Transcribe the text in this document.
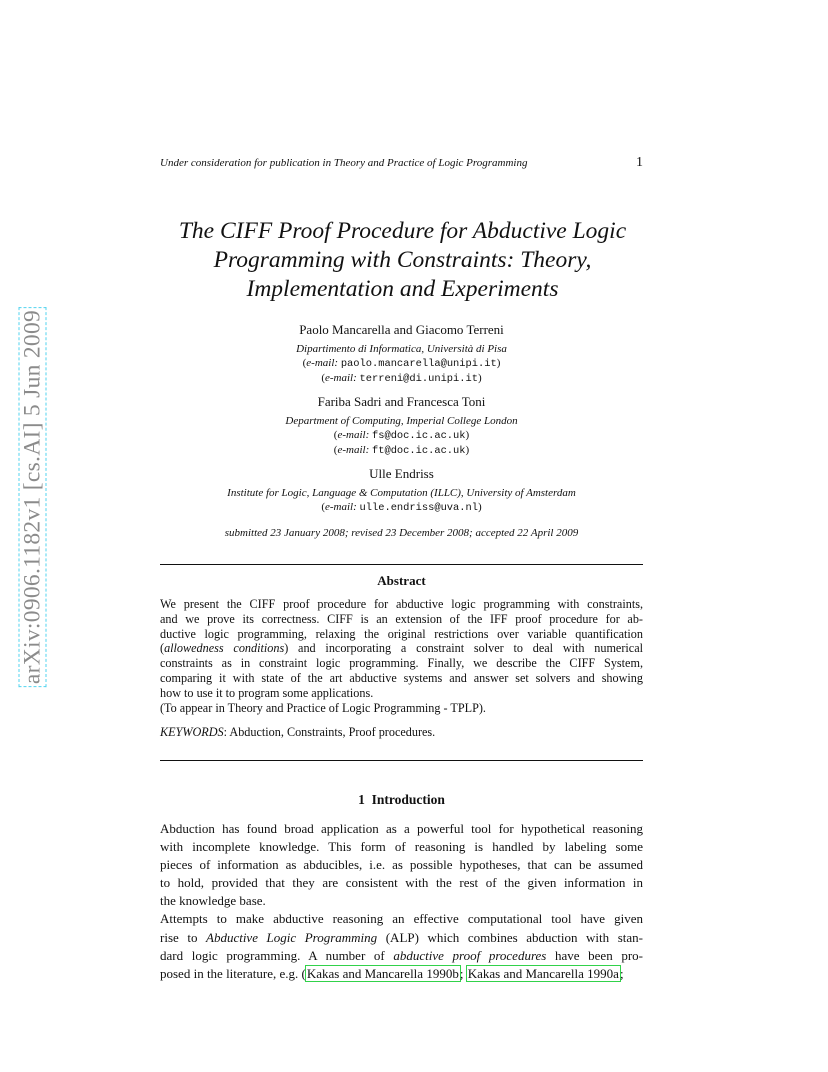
arXiv:0906.1182v1 [cs.AI] 5 Jun 2009
Under consideration for publication in Theory and Practice of Logic Programming	1
The CIFF Proof Procedure for Abductive Logic
Programming with Constraints: Theory,
Implementation and Experiments
Paolo Mancarella and Giacomo Terreni
Dipartimento di Informatica, Università di Pisa
(e-mail: paolo.mancarella@unipi.it)
(e-mail: terreni@di.unipi.it)
Fariba Sadri and Francesca Toni
Department of Computing, Imperial College London
(e-mail: fs@doc.ic.ac.uk)
(e-mail: ft@doc.ic.ac.uk)
Ulle Endriss
Institute for Logic, Language & Computation (ILLC), University of Amsterdam
(e-mail: ulle.endriss@uva.nl)
submitted 23 January 2008; revised 23 December 2008; accepted 22 April 2009
Abstract
We present the CIFF proof procedure for abductive logic programming with constraints,
and we prove its correctness. CIFF is an extension of the IFF proof procedure for ab-
ductive logic programming, relaxing the original restrictions over variable quantification
(allowedness conditions) and incorporating a constraint solver to deal with numerical
constraints as in constraint logic programming. Finally, we describe the CIFF System,
comparing it with state of the art abductive systems and answer set solvers and showing
how to use it to program some applications.
(To appear in Theory and Practice of Logic Programming - TPLP).
KEYWORDS: Abduction, Constraints, Proof procedures.
1 Introduction
Abduction has found broad application as a powerful tool for hypothetical reasoning
with incomplete knowledge. This form of reasoning is handled by labeling some
pieces of information as abducibles, i.e. as possible hypotheses, that can be assumed
to hold, provided that they are consistent with the rest of the given information in
the knowledge base.
Attempts to make abductive reasoning an effective computational tool have given
rise to Abductive Logic Programming (ALP) which combines abduction with stan-
dard logic programming. A number of abductive proof procedures have been pro-
posed in the literature, e.g. (Kakas and Mancarella 1990b; Kakas and Mancarella 1990a;
